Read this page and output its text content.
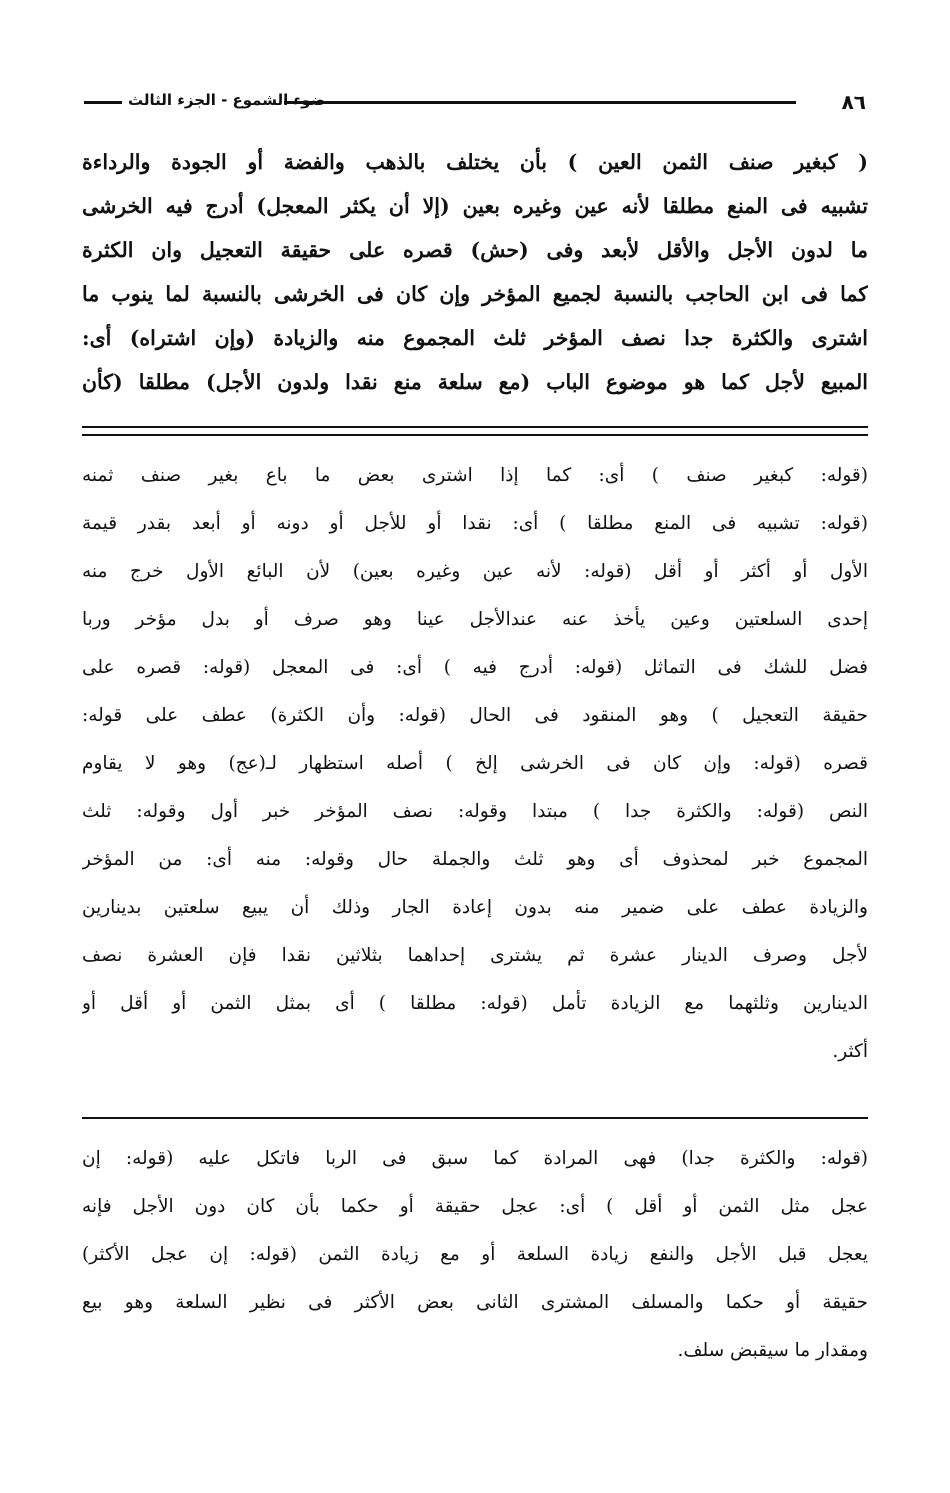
٨٦
ضوء الشموع - الجزء الثالث
( كبغير صنف الثمن العين ) بأن يختلف بالذهب والفضة أو الجودة والرداءة
تشبيه فى المنع مطلقا لأنه عين وغيره بعين (إلا أن يكثر المعجل) أدرج فيه الخرشى
ما لدون الأجل والأقل لأبعد وفى (حش) قصره على حقيقة التعجيل وان الكثرة
كما فى ابن الحاجب بالنسبة لجميع المؤخر وإن كان فى الخرشى بالنسبة لما ينوب ما
اشترى والكثرة جدا نصف المؤخر ثلث المجموع منه والزيادة (وإن اشتراه) أى:
المبيع لأجل كما هو موضوع الباب (مع سلعة منع نقدا ولدون الأجل) مطلقا (كأن
(قوله: كبغير صنف ) أى: كما إذا اشترى بعض ما باع بغير صنف ثمنه
(قوله: تشبيه فى المنع مطلقا ) أى: نقدا أو للأجل أو دونه أو أبعد بقدر قيمة
الأول أو أكثر أو أقل (قوله: لأنه عين وغيره بعين) لأن البائع الأول خرج منه
إحدى السلعتين وعين يأخذ عنه عندالأجل عينا وهو صرف أو بدل مؤخر وربا
فضل للشك فى التماثل (قوله: أدرج فيه ) أى: فى المعجل (قوله: قصره على
حقيقة التعجيل ) وهو المنقود فى الحال (قوله: وأن الكثرة) عطف على قوله:
قصره (قوله: وإن كان فى الخرشى إلخ ) أصله استظهار لـ(عج) وهو لا يقاوم
النص (قوله: والكثرة جدا ) مبتدا وقوله: نصف المؤخر خبر أول وقوله: ثلث
المجموع خبر لمحذوف أى وهو ثلث والجملة حال وقوله: منه أى: من المؤخر
والزيادة عطف على ضمير منه بدون إعادة الجار وذلك أن يبيع سلعتين بدينارين
لأجل وصرف الدينار عشرة ثم يشترى إحداهما بثلاثين نقدا فإن العشرة نصف
الدينارين وثلثهما مع الزيادة تأمل (قوله: مطلقا ) أى بمثل الثمن أو أقل أو
أكثر.
(قوله: والكثرة جدا) فهى المرادة كما سبق فى الربا فاتكل عليه (قوله: إن
عجل مثل الثمن أو أقل ) أى: عجل حقيقة أو حكما بأن كان دون الأجل فإنه
يعجل قبل الأجل والنفع زيادة السلعة أو مع زيادة الثمن (قوله: إن عجل الأكثر)
حقيقة أو حكما والمسلف المشترى الثانى بعض الأكثر فى نظير السلعة وهو بيع
ومقدار ما سيقبض سلف.
